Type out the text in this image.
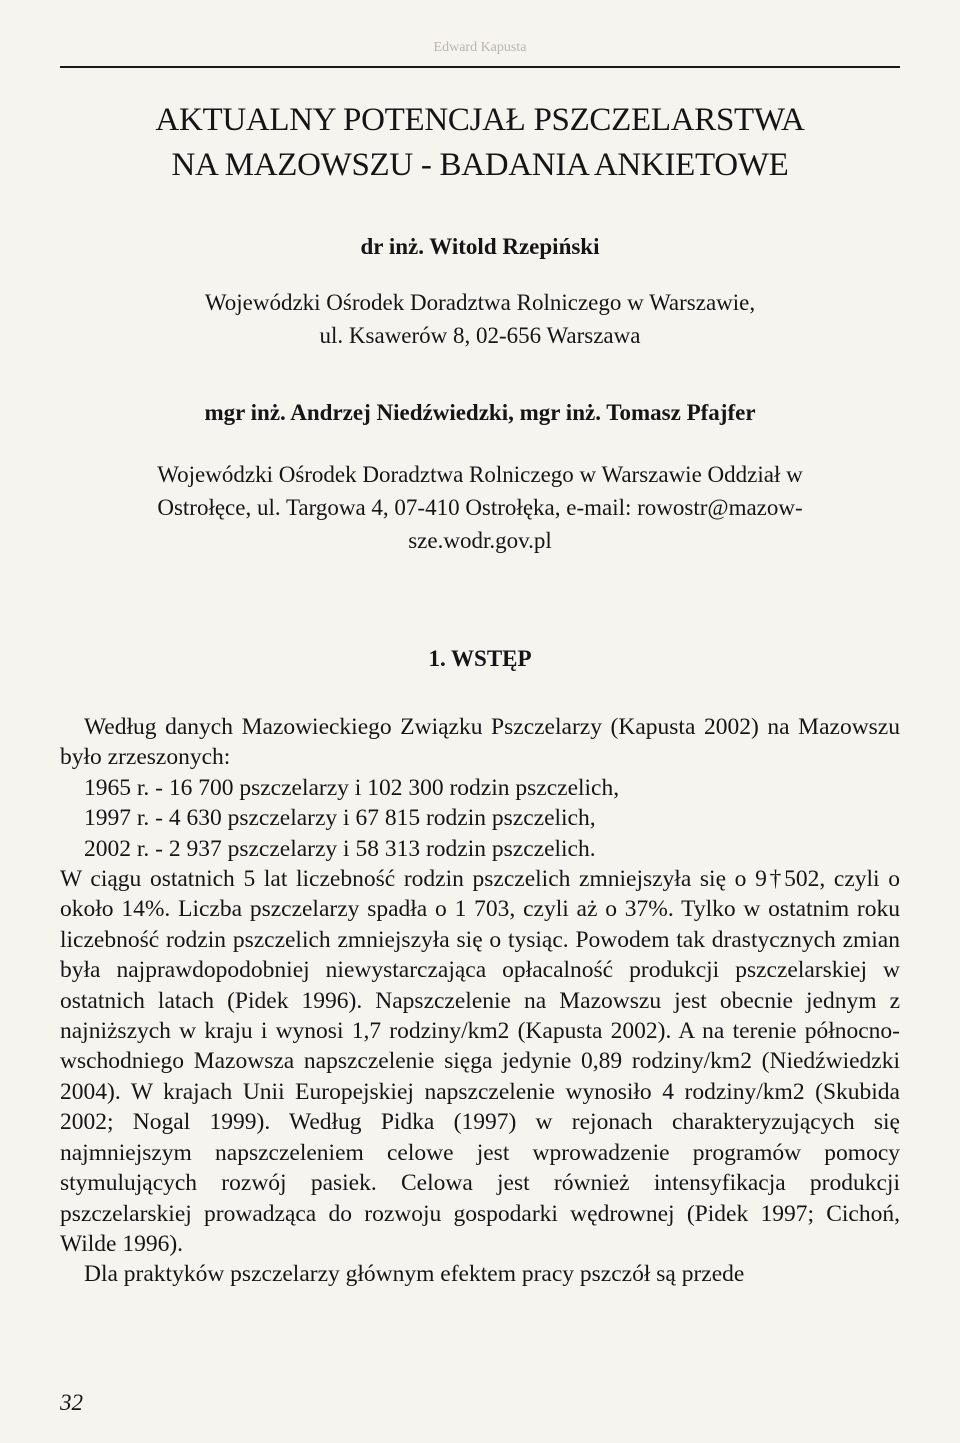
Edward Kapusta
AKTUALNY POTENCJAŁ PSZCZELARSTWA
NA MAZOWSZU - BADANIA ANKIETOWE
dr inż. Witold Rzepiński
Wojewódzki Ośrodek Doradztwa Rolniczego w Warszawie,
ul. Ksawerów 8, 02-656 Warszawa
mgr inż. Andrzej Niedźwiedzki, mgr inż. Tomasz Pfajfer
Wojewódzki Ośrodek Doradztwa Rolniczego w Warszawie Oddział w
Ostrołęce, ul. Targowa 4, 07-410 Ostrołęka, e-mail: rowostr@mazow-
sze.wodr.gov.pl
1. WSTĘP

Według danych Mazowieckiego Związku Pszczelarzy (Kapusta 2002) na Mazowszu było zrzeszonych:

1965 r. - 16 700 pszczelarzy i 102 300 rodzin pszczelich,
1997 r. - 4 630 pszczelarzy i 67 815 rodzin pszczelich,
2002 r. - 2 937 pszczelarzy i 58 313 rodzin pszczelich.

W ciągu ostatnich 5 lat liczebność rodzin pszczelich zmniejszyła się o 9†502, czyli o około 14%. Liczba pszczelarzy spadła o 1 703, czyli aż o 37%. Tylko w ostatnim roku liczebność rodzin pszczelich zmniejszyła się o tysiąc. Powodem tak drastycznych zmian była najprawdopodobniej niewystarczająca opłacalność produkcji pszczelarskiej w ostatnich latach (Pidek 1996). Napszczelenie na Mazowszu jest obecnie jednym z najniższych w kraju i wynosi 1,7 rodziny/km2 (Kapusta 2002). A na terenie północno-wschodniego Mazowsza napszczelenie sięga jedynie 0,89 rodziny/km2 (Niedźwiedzki 2004). W krajach Unii Europejskiej napszczelenie wynosiło 4 rodziny/km2 (Skubida 2002; Nogal 1999). Według Pidka (1997) w rejonach charakteryzujących się najmniejszym napszczeleniem celowe jest wprowadzenie programów pomocy stymulujących rozwój pasiek. Celowa jest również intensyfikacja produkcji pszczelarskiej prowadząca do rozwoju gospodarki wędrownej (Pidek 1997; Cichoń, Wilde 1996).

Dla praktyków pszczelarzy głównym efektem pracy pszczół są przede

32
